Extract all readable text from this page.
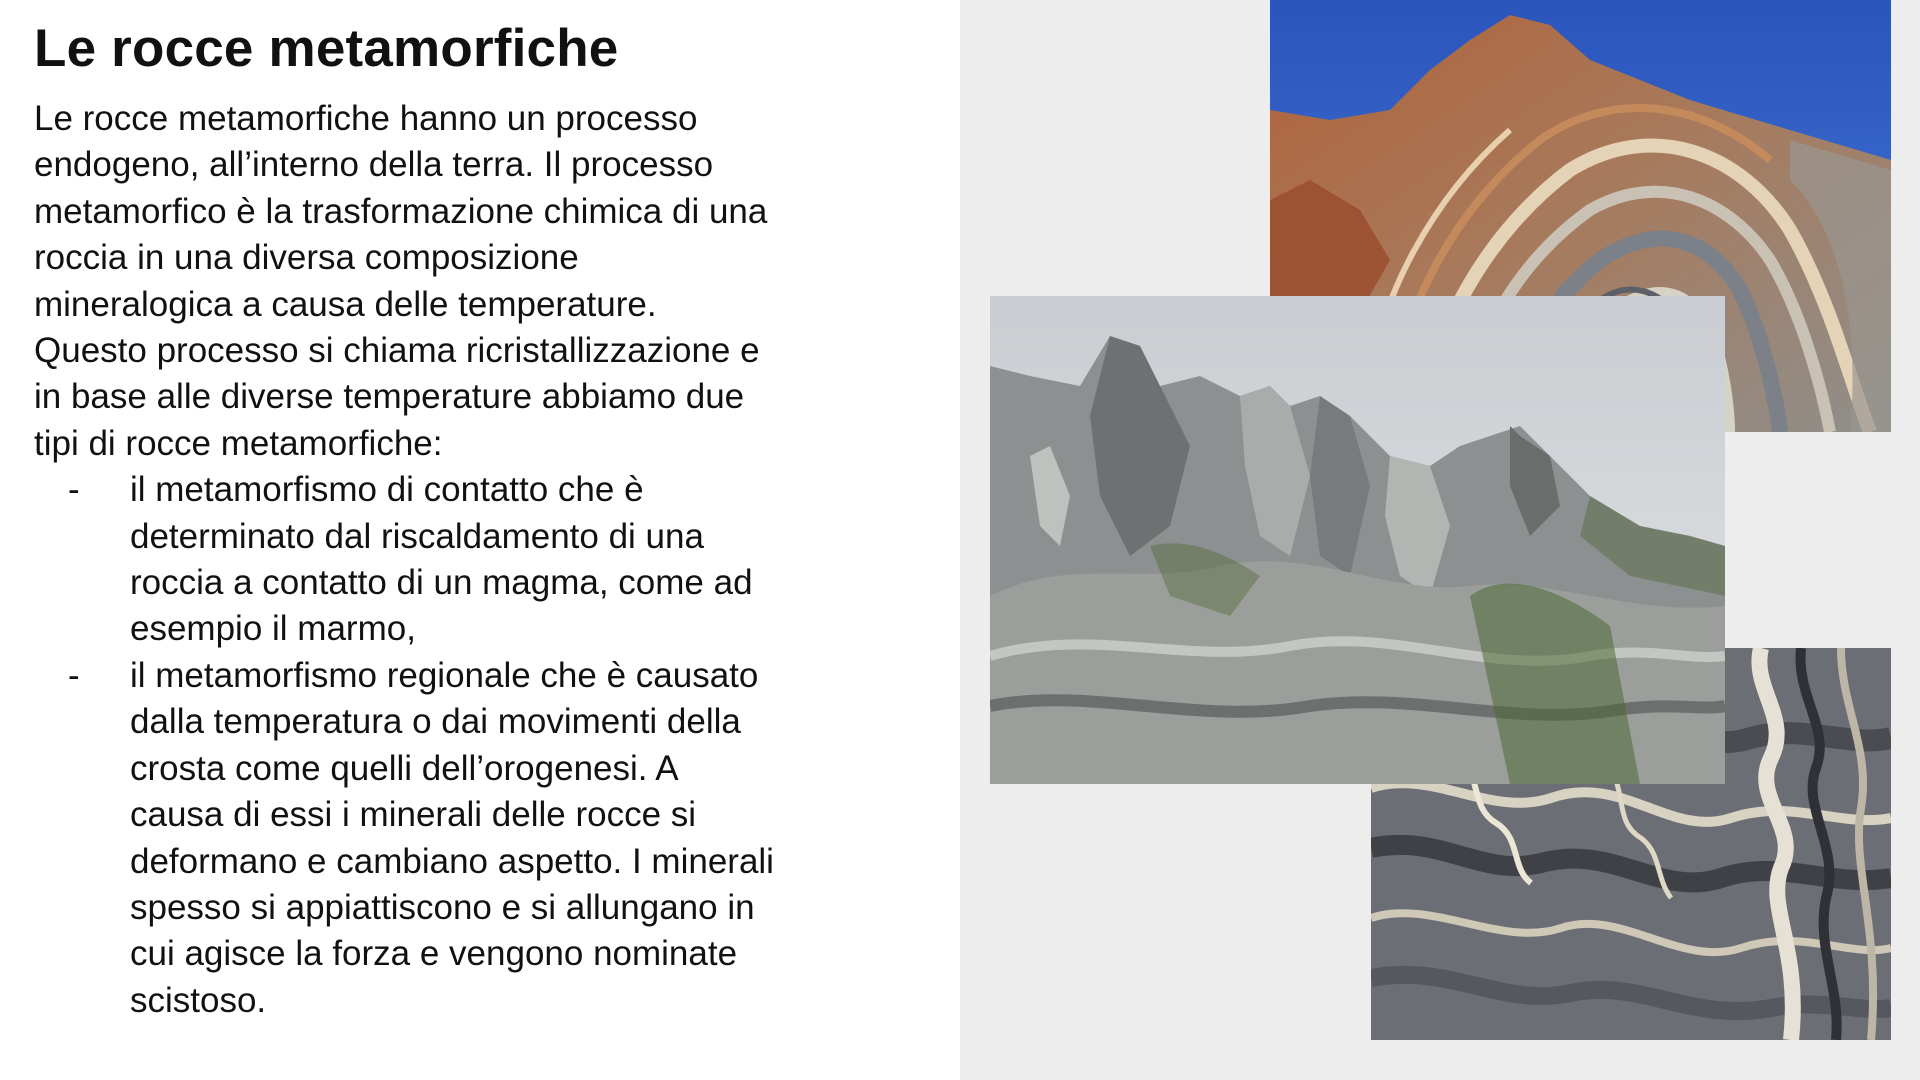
Le rocce metamorfiche

Le rocce metamorfiche hanno un processo
endogeno, all’interno della terra. Il processo
metamorfico è la trasformazione chimica di una
roccia in una diversa composizione
mineralogica a causa delle temperature.
Questo processo si chiama ricristallizzazione e
in base alle diverse temperature abbiamo due
tipi di rocce metamorfiche:

- il metamorfismo di contatto che è
determinato dal riscaldamento di una
roccia a contatto di un magma, come ad
esempio il marmo,
- il metamorfismo regionale che è causato
dalla temperatura o dai movimenti della
crosta come quelli dell’orogenesi. A
causa di essi i minerali delle rocce si
deformano e cambiano aspetto. I minerali
spesso si appiattiscono e si allungano in
cui agisce la forza e vengono nominate
scistoso.
